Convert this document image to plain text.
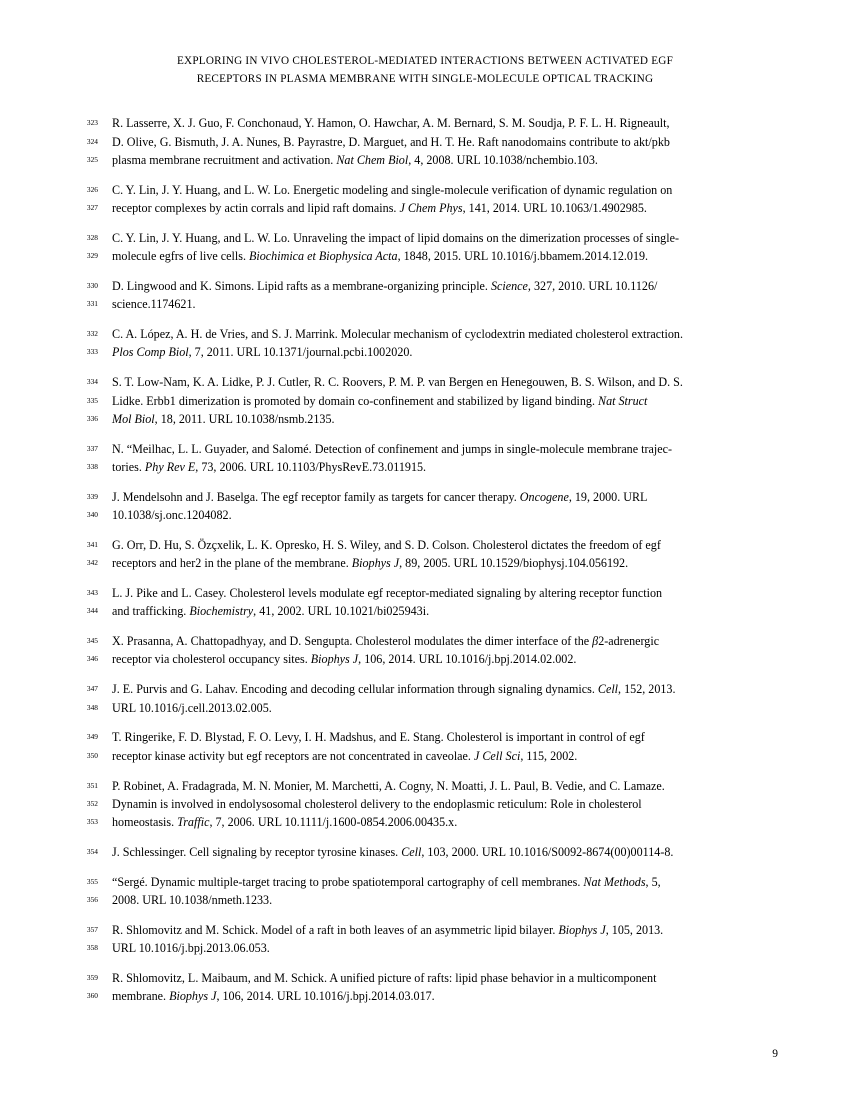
EXPLORING IN VIVO CHOLESTEROL-MEDIATED INTERACTIONS BETWEEN ACTIVATED EGF
RECEPTORS IN PLASMA MEMBRANE WITH SINGLE-MOLECULE OPTICAL TRACKING
323
324
325
R. Lasserre, X. J. Guo, F. Conchonaud, Y. Hamon, O. Hawchar, A. M. Bernard, S. M. Soudja, P. F. L. H. Rigneault,
D. Olive, G. Bismuth, J. A. Nunes, B. Payrastre, D. Marguet, and H. T. He. Raft nanodomains contribute to akt/pkb
plasma membrane recruitment and activation. Nat Chem Biol, 4, 2008. URL 10.1038/nchembio.103.
326
327
C. Y. Lin, J. Y. Huang, and L. W. Lo. Energetic modeling and single-molecule verification of dynamic regulation on
receptor complexes by actin corrals and lipid raft domains. J Chem Phys, 141, 2014. URL 10.1063/1.4902985.
328
329
C. Y. Lin, J. Y. Huang, and L. W. Lo. Unraveling the impact of lipid domains on the dimerization processes of single-
molecule egfrs of live cells. Biochimica et Biophysica Acta, 1848, 2015. URL 10.1016/j.bbamem.2014.12.019.
330
331
D. Lingwood and K. Simons. Lipid rafts as a membrane-organizing principle. Science, 327, 2010. URL 10.1126/
science.1174621.
332
333
C. A. López, A. H. de Vries, and S. J. Marrink. Molecular mechanism of cyclodextrin mediated cholesterol extraction.
Plos Comp Biol, 7, 2011. URL 10.1371/journal.pcbi.1002020.
334
335
336
S. T. Low-Nam, K. A. Lidke, P. J. Cutler, R. C. Roovers, P. M. P. van Bergen en Henegouwen, B. S. Wilson, and D. S.
Lidke. Erbb1 dimerization is promoted by domain co-confinement and stabilized by ligand binding. Nat Struct
Mol Biol, 18, 2011. URL 10.1038/nsmb.2135.
337
338
N. “Meilhac, L. L. Guyader, and Salomé. Detection of confinement and jumps in single-molecule membrane trajec-
tories. Phy Rev E, 73, 2006. URL 10.1103/PhysRevE.73.011915.
339
340
J. Mendelsohn and J. Baselga. The egf receptor family as targets for cancer therapy. Oncogene, 19, 2000. URL
10.1038/sj.onc.1204082.
341
342
G. Orr, D. Hu, S. Özçxelik, L. K. Opresko, H. S. Wiley, and S. D. Colson. Cholesterol dictates the freedom of egf
receptors and her2 in the plane of the membrane. Biophys J, 89, 2005. URL 10.1529/biophysj.104.056192.
343
344
L. J. Pike and L. Casey. Cholesterol levels modulate egf receptor-mediated signaling by altering receptor function
and trafficking. Biochemistry, 41, 2002. URL 10.1021/bi025943i.
345
346
X. Prasanna, A. Chattopadhyay, and D. Sengupta. Cholesterol modulates the dimer interface of the β2-adrenergic
receptor via cholesterol occupancy sites. Biophys J, 106, 2014. URL 10.1016/j.bpj.2014.02.002.
347
348
J. E. Purvis and G. Lahav. Encoding and decoding cellular information through signaling dynamics. Cell, 152, 2013.
URL 10.1016/j.cell.2013.02.005.
349
350
T. Ringerike, F. D. Blystad, F. O. Levy, I. H. Madshus, and E. Stang. Cholesterol is important in control of egf
receptor kinase activity but egf receptors are not concentrated in caveolae. J Cell Sci, 115, 2002.
351
352
353
P. Robinet, A. Fradagrada, M. N. Monier, M. Marchetti, A. Cogny, N. Moatti, J. L. Paul, B. Vedie, and C. Lamaze.
Dynamin is involved in endolysosomal cholesterol delivery to the endoplasmic reticulum: Role in cholesterol
homeostasis. Traffic, 7, 2006. URL 10.1111/j.1600-0854.2006.00435.x.
354 J. Schlessinger. Cell signaling by receptor tyrosine kinases. Cell, 103, 2000. URL 10.1016/S0092-8674(00)00114-8.
355
356
“Sergé. Dynamic multiple-target tracing to probe spatiotemporal cartography of cell membranes. Nat Methods, 5,
2008. URL 10.1038/nmeth.1233.
357
358
R. Shlomovitz and M. Schick. Model of a raft in both leaves of an asymmetric lipid bilayer. Biophys J, 105, 2013.
URL 10.1016/j.bpj.2013.06.053.
359
360
R. Shlomovitz, L. Maibaum, and M. Schick. A unified picture of rafts: lipid phase behavior in a multicomponent
membrane. Biophys J, 106, 2014. URL 10.1016/j.bpj.2014.03.017.
9
